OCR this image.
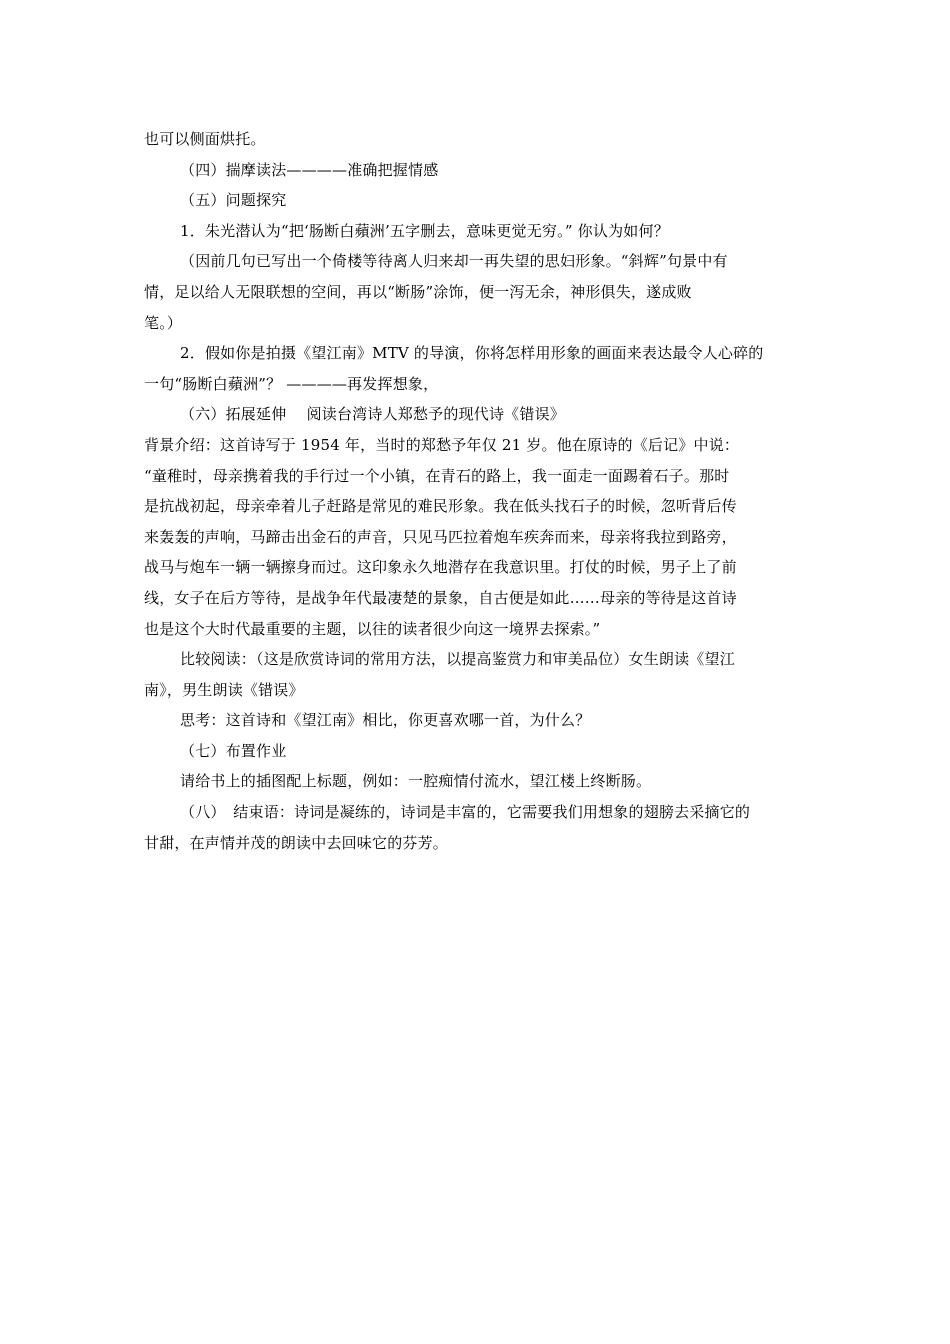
也可以侧面烘托。
（四）揣摩读法————准确把握情感
（五）问题探究
1．朱光潜认为“把‘肠断白蘋洲’五字删去，意味更觉无穷。” 你认为如何？
（因前几句已写出一个倚楼等待离人归来却一再失望的思妇形象。“斜辉”句景中有
情，足以给人无限联想的空间，再以“断肠”涂饰，便一泻无余，神形俱失，遂成败
笔。）
2．假如你是拍摄《望江南》MTV 的导演，你将怎样用形象的画面来表达最令人心碎的
一句“肠断白蘋洲”？ ————再发挥想象，
（六）拓展延伸　 阅读台湾诗人郑愁予的现代诗《错误》
背景介绍：这首诗写于 1954 年，当时的郑愁予年仅 21 岁。他在原诗的《后记》中说：
“童稚时，母亲携着我的手行过一个小镇，在青石的路上，我一面走一面踢着石子。那时
是抗战初起，母亲牵着儿子赶路是常见的难民形象。我在低头找石子的时候，忽听背后传
来轰轰的声响，马蹄击出金石的声音，只见马匹拉着炮车疾奔而来，母亲将我拉到路旁，
战马与炮车一辆一辆擦身而过。这印象永久地潜存在我意识里。打仗的时候，男子上了前
线，女子在后方等待，是战争年代最凄楚的景象，自古便是如此……母亲的等待是这首诗
也是这个大时代最重要的主题，以往的读者很少向这一境界去探索。”
比较阅读：（这是欣赏诗词的常用方法，以提高鉴赏力和审美品位）女生朗读《望江
南》，男生朗读《错误》
思考：这首诗和《望江南》相比，你更喜欢哪一首，为什么？
（七）布置作业
请给书上的插图配上标题，例如：一腔痴情付流水，望江楼上终断肠。
（八）　结束语：诗词是凝练的，诗词是丰富的，它需要我们用想象的翅膀去采摘它的
甘甜，在声情并茂的朗读中去回味它的芬芳。
